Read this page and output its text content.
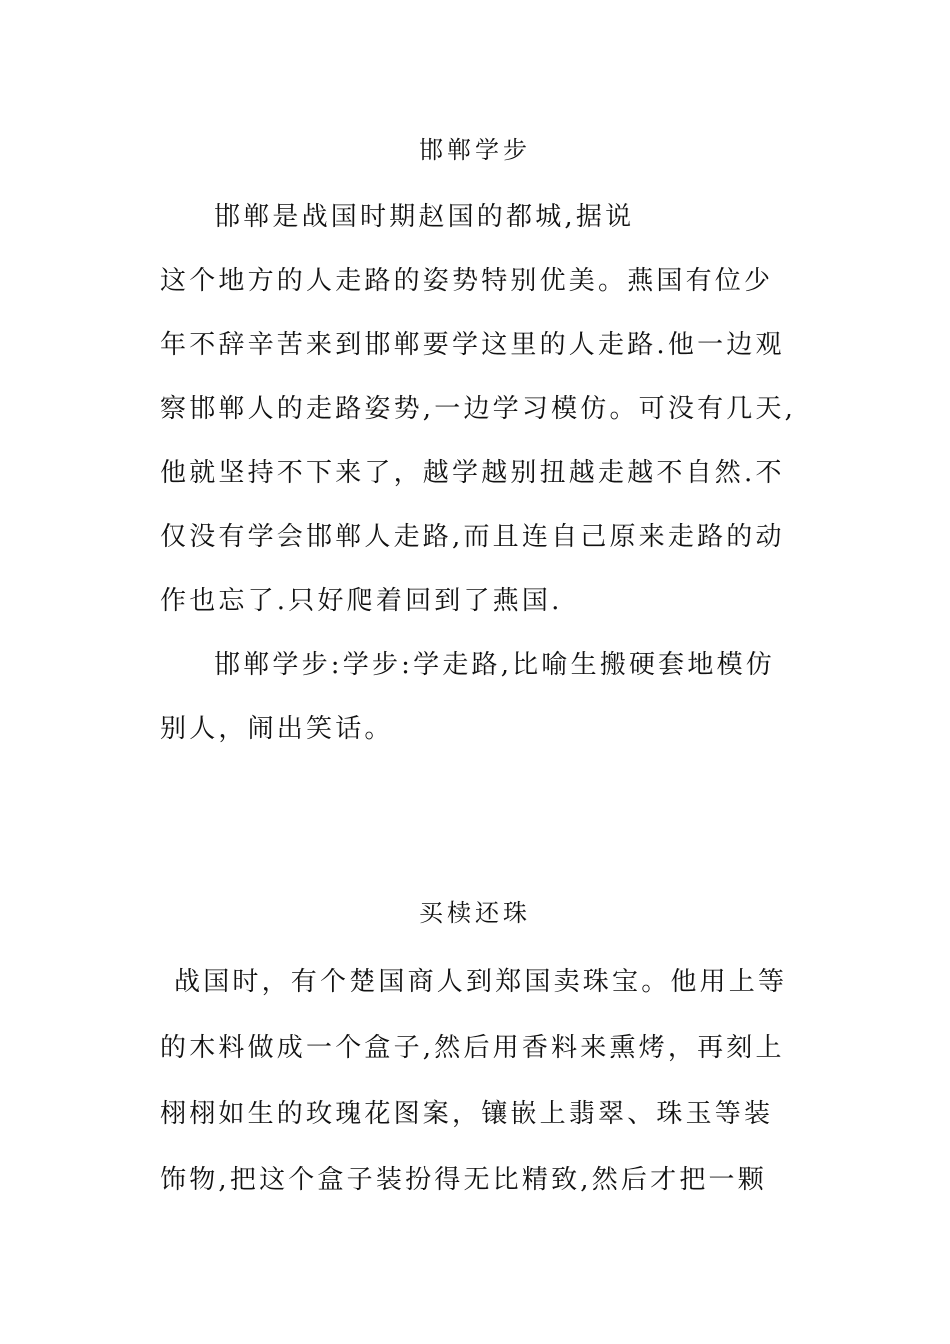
邯郸学步
邯郸是战国时期赵国的都城,据说
这个地方的人走路的姿势特别优美。燕国有位少
年不辞辛苦来到邯郸要学这里的人走路.他一边观
察邯郸人的走路姿势,一边学习模仿。可没有几天,
他就坚持不下来了，越学越别扭越走越不自然.不
仅没有学会邯郸人走路,而且连自己原来走路的动
作也忘了.只好爬着回到了燕国.
邯郸学步:学步:学走路,比喻生搬硬套地模仿
别人，闹出笑话。
买椟还珠
战国时，有个楚国商人到郑国卖珠宝。他用上等
的木料做成一个盒子,然后用香料来熏烤，再刻上
栩栩如生的玫瑰花图案，镶嵌上翡翠、珠玉等装
饰物,把这个盒子装扮得无比精致,然后才把一颗
